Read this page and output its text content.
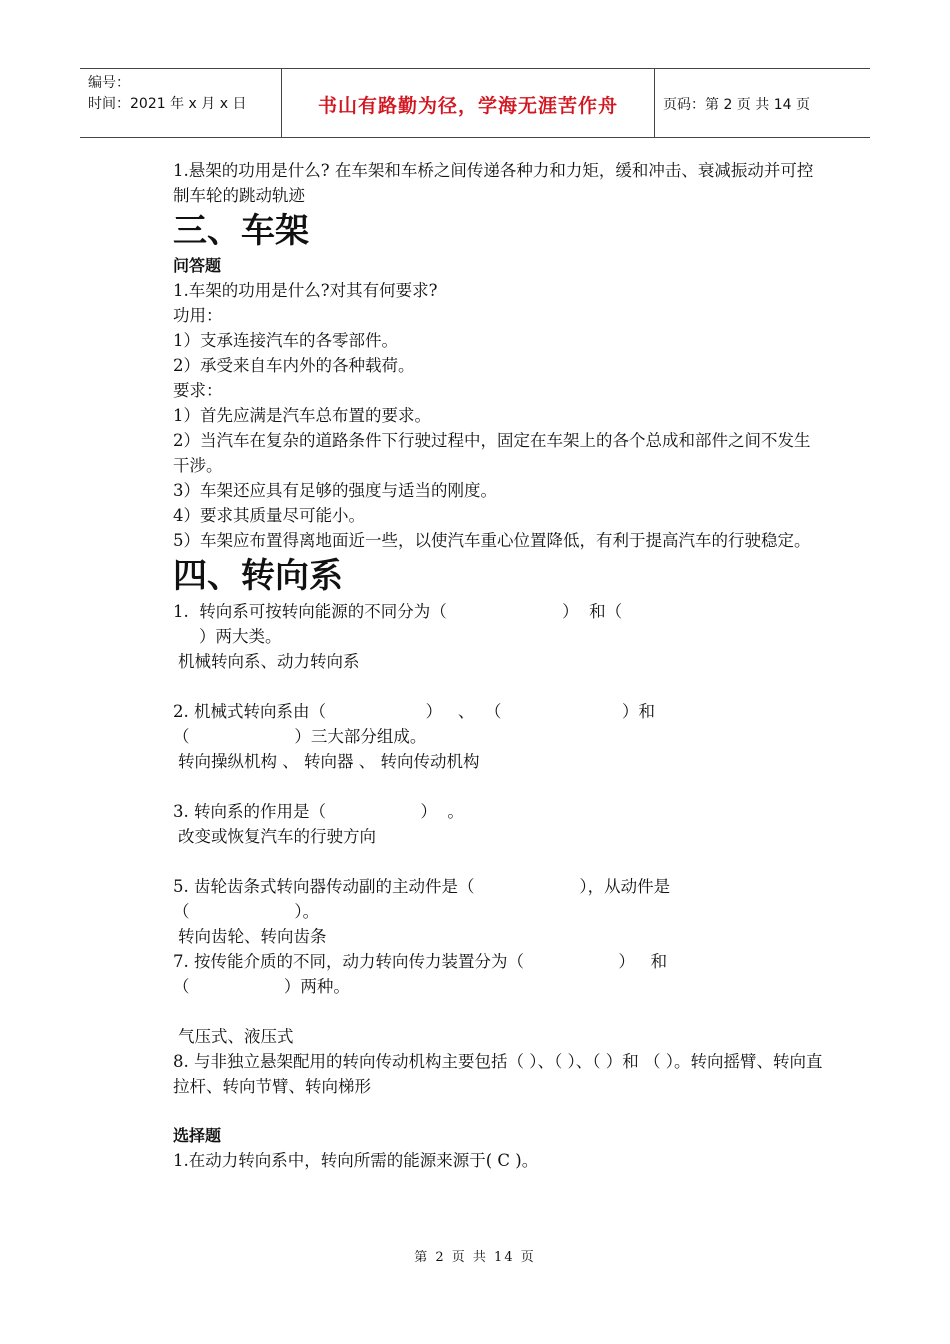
编号：
时间：2021 年 x 月 x 日	书山有路勤为径，学海无涯苦作舟	页码：第 2 页 共 14 页

1.悬架的功用是什么? 在车架和车桥之间传递各种力和力矩，缓和冲击、衰减振动并可控制车轮的跳动轨迹

三、车架

问答题

1.车架的功用是什么?对其有何要求?

功用：

1）支承连接汽车的各零部件。

2）承受来自车内外的各种载荷。

要求：

1）首先应满是汽车总布置的要求。

2）当汽车在复杂的道路条件下行驶过程中，固定在车架上的各个总成和部件之间不发生干涉。

3）车架还应具有足够的强度与适当的刚度。

4）要求其质量尽可能小。

5）车架应布置得离地面近一些，以使汽车重心位置降低，有利于提高汽车的行驶稳定。

四、转向系

1.  转向系可按转向能源的不同分为（                      ）  和（

）两大类。

机械转向系、动力转向系

2. 机械式转向系由（                   ）   、  （                       ）和

（                    ）三大部分组成。

转向操纵机构 、 转向器 、 转向传动机构

3. 转向系的作用是（                  ）  。

改变或恢复汽车的行驶方向

5. 齿轮齿条式转向器传动副的主动件是（                    ），从动件是

（                    ）。

转向齿轮、转向齿条

7. 按传能介质的不同，动力转向传力装置分为（                  ）   和

（                  ）两种。

气压式、液压式

8. 与非独立悬架配用的转向传动机构主要包括（ ）、（ ）、（ ）和 （ ）。转向摇臂、转向直拉杆、转向节臂、转向梯形

选择题

1.在动力转向系中，转向所需的能源来源于( C )。

第 2 页 共 14 页
